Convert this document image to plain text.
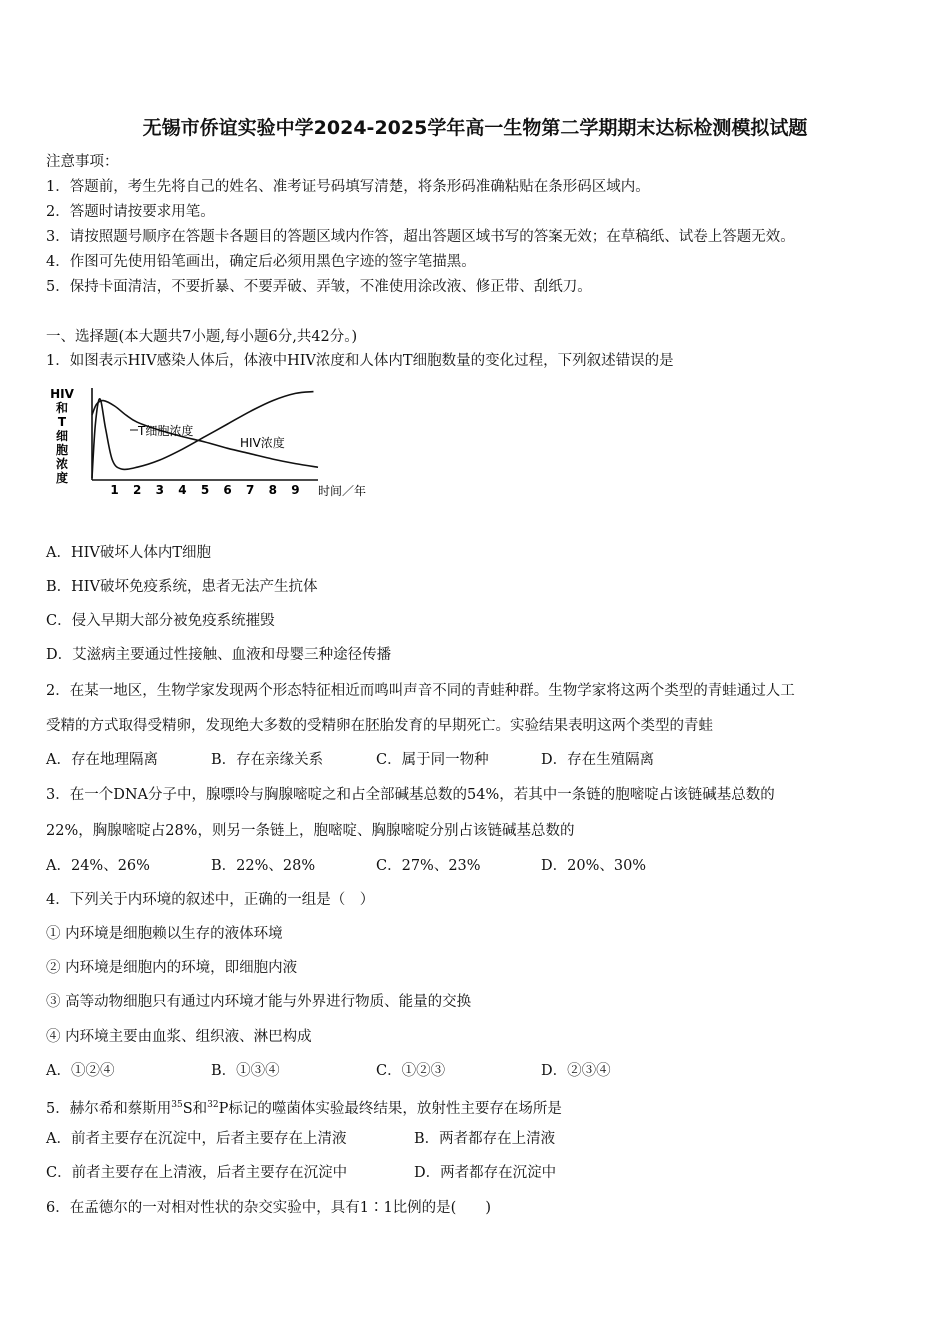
无锡市侨谊实验中学2024-2025学年高一生物第二学期期末达标检测模拟试题
注意事项：
1．答题前，考生先将自己的姓名、准考证号码填写清楚，将条形码准确粘贴在条形码区域内。
2．答题时请按要求用笔。
3．请按照题号顺序在答题卡各题目的答题区域内作答，超出答题区域书写的答案无效；在草稿纸、试卷上答题无效。
4．作图可先使用铅笔画出，确定后必须用黑色字迹的签字笔描黑。
5．保持卡面清洁，不要折暴、不要弄破、弄皱，不准使用涂改液、修正带、刮纸刀。
一、选择题(本大题共7小题,每小题6分,共42分。)
1．如图表示HIV感染人体后，体液中HIV浓度和人体内T细胞数量的变化过程，下列叙述错误的是
HIV
和
T
细
胞
浓
度
1 2 3 4 5 6 7 8 9
T细胞浓度
HIV浓度
时间／年
A．HIV破坏人体内T细胞
B．HIV破坏免疫系统，患者无法产生抗体
C．侵入早期大部分被免疫系统摧毁
D．艾滋病主要通过性接触、血液和母婴三种途径传播
2．在某一地区，生物学家发现两个形态特征相近而鸣叫声音不同的青蛙种群。生物学家将这两个类型的青蛙通过人工
受精的方式取得受精卵，发现绝大多数的受精卵在胚胎发育的早期死亡。实验结果表明这两个类型的青蛙
A．存在地理隔离	B．存在亲缘关系	C．属于同一物种	D．存在生殖隔离
3．在一个DNA分子中，腺嘌呤与胸腺嘧啶之和占全部碱基总数的54%，若其中一条链的胞嘧啶占该链碱基总数的
22%，胸腺嘧啶占28%，则另一条链上，胞嘧啶、胸腺嘧啶分别占该链碱基总数的
A．24%、26%	B．22%、28%	C．27%、23%	D．20%、30%
4．下列关于内环境的叙述中，正确的一组是（　）
① 内环境是细胞赖以生存的液体环境
② 内环境是细胞内的环境，即细胞内液
③ 高等动物细胞只有通过内环境才能与外界进行物质、能量的交换
④ 内环境主要由血浆、组织液、淋巴构成
A．①②④	B．①③④	C．①②③	D．②③④
5．赫尔希和蔡斯用$^{35}$S和$^{32}$P标记的噬菌体实验最终结果，放射性主要存在场所是
A．前者主要存在沉淀中，后者主要存在上清液	B．两者都存在上清液
C．前者主要存在上清液，后者主要存在沉淀中	D．两者都存在沉淀中
6．在孟德尔的一对相对性状的杂交实验中，具有1∶1比例的是(　　)
